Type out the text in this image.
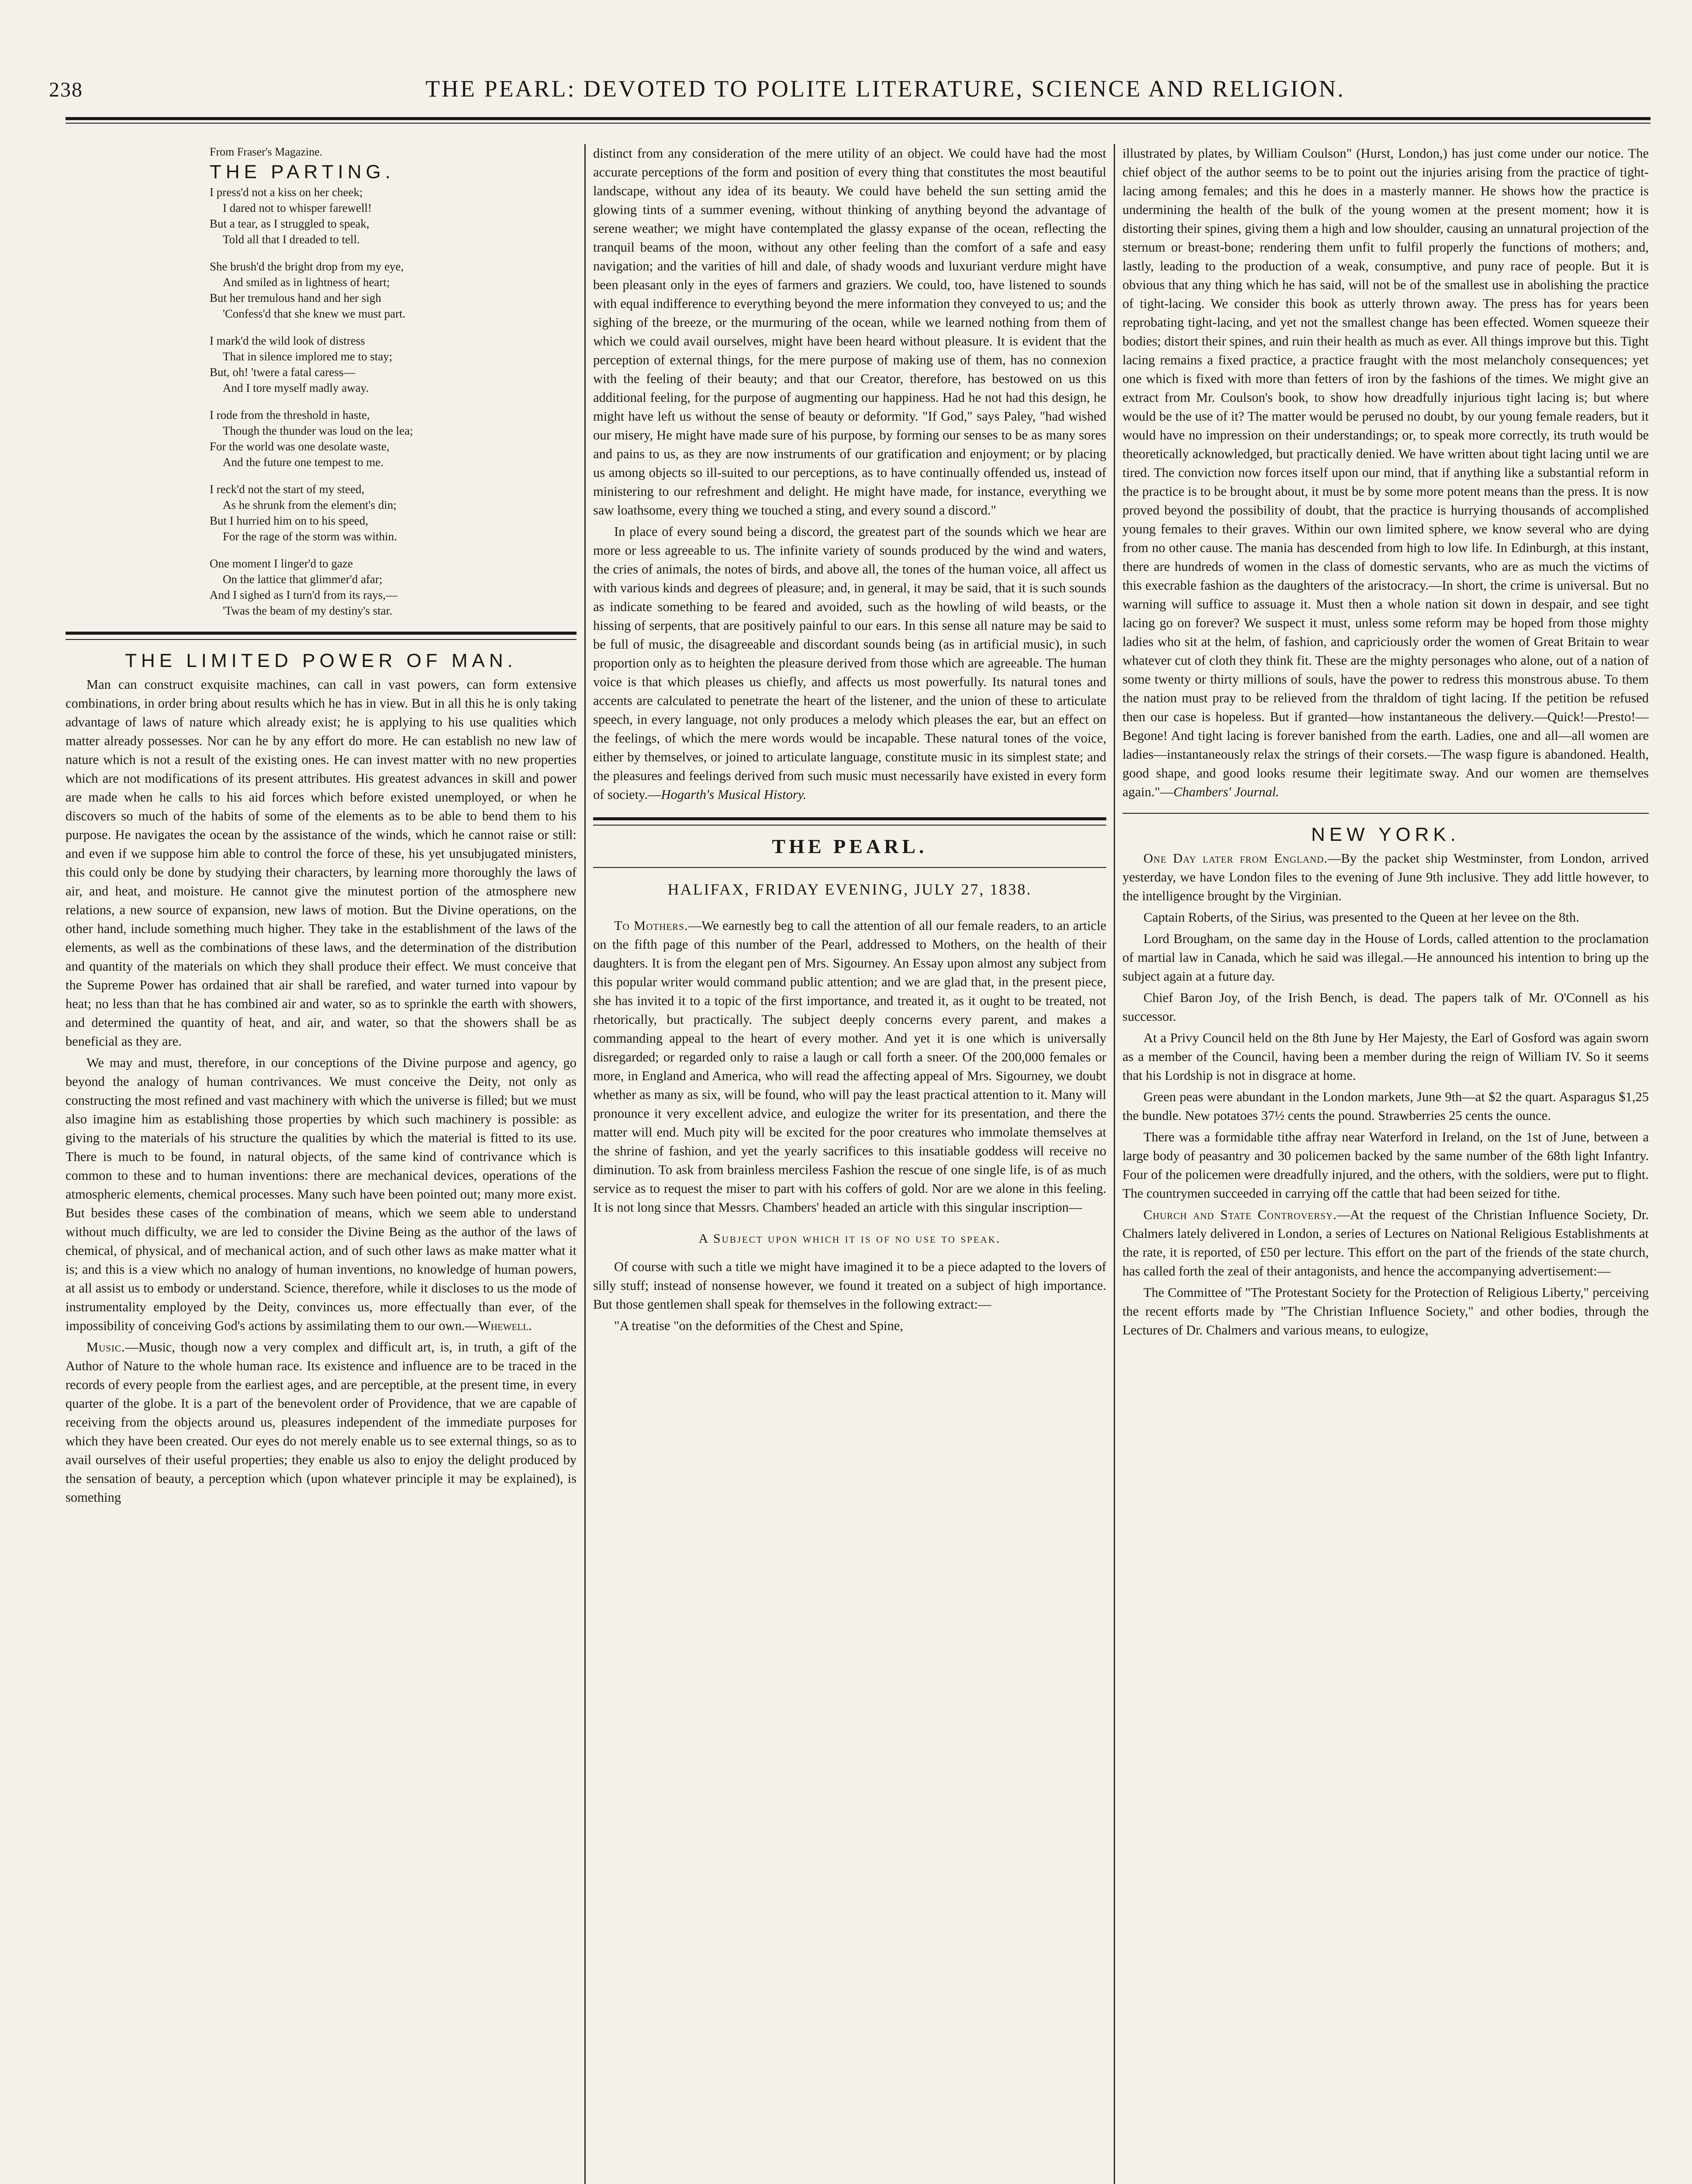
238	THE PEARL: DEVOTED TO POLITE LITERATURE, SCIENCE AND RELIGION.
From Fraser's Magazine.
THE PARTING.
I press'd not a kiss on her cheek;
I dared not to whisper farewell!
But a tear, as I struggled to speak,
Told all that I dreaded to tell.
She brush'd the bright drop from my eye,
And smiled as in lightness of heart;
But her tremulous hand and her sigh
'Confess'd that she knew we must part.
I mark'd the wild look of distress
That in silence implored me to stay;
But, oh! 'twere a fatal caress—
And I tore myself madly away.
I rode from the threshold in haste,
Though the thunder was loud on the lea;
For the world was one desolate waste,
And the future one tempest to me.
I reck'd not the start of my steed,
As he shrunk from the element's din;
But I hurried him on to his speed,
For the rage of the storm was within.
One moment I linger'd to gaze
On the lattice that glimmer'd afar;
And I sighed as I turn'd from its rays,—
'Twas the beam of my destiny's star.
THE LIMITED POWER OF MAN.

Man can construct exquisite machines, can call in vast powers, can form extensive combinations, in order bring about results which he has in view. But in all this he is only taking advantage of laws of nature which already exist; he is applying to his use qualities which matter already possesses. Nor can he by any effort do more. He can establish no new law of nature which is not a result of the existing ones. He can invest matter with no new properties which are not modifications of its present attributes. His greatest advances in skill and power are made when he calls to his aid forces which before existed unemployed, or when he discovers so much of the habits of some of the elements as to be able to bend them to his purpose. He navigates the ocean by the assistance of the winds, which he cannot raise or still: and even if we suppose him able to control the force of these, his yet unsubjugated ministers, this could only be done by studying their characters, by learning more thoroughly the laws of air, and heat, and moisture. He cannot give the minutest portion of the atmosphere new relations, a new source of expansion, new laws of motion. But the Divine operations, on the other hand, include something much higher. They take in the establishment of the laws of the elements, as well as the combinations of these laws, and the determination of the distribution and quantity of the materials on which they shall produce their effect. We must conceive that the Supreme Power has ordained that air shall be rarefied, and water turned into vapour by heat; no less than that he has combined air and water, so as to sprinkle the earth with showers, and determined the quantity of heat, and air, and water, so that the showers shall be as beneficial as they are.

We may and must, therefore, in our conceptions of the Divine purpose and agency, go beyond the analogy of human contrivances. We must conceive the Deity, not only as constructing the most refined and vast machinery with which the universe is filled; but we must also imagine him as establishing those properties by which such machinery is possible: as giving to the materials of his structure the qualities by which the material is fitted to its use. There is much to be found, in natural objects, of the same kind of contrivance which is common to these and to human inventions: there are mechanical devices, operations of the atmospheric elements, chemical processes. Many such have been pointed out; many more exist. But besides these cases of the combination of means, which we seem able to understand without much difficulty, we are led to consider the Divine Being as the author of the laws of chemical, of physical, and of mechanical action, and of such other laws as make matter what it is; and this is a view which no analogy of human inventions, no knowledge of human powers, at all assist us to embody or understand. Science, therefore, while it discloses to us the mode of instrumentality employed by the Deity, convinces us, more effectually than ever, of the impossibility of conceiving God's actions by assimilating them to our own.—Whewell.

Music.—Music, though now a very complex and difficult art, is, in truth, a gift of the Author of Nature to the whole human race. Its existence and influence are to be traced in the records of every people from the earliest ages, and are perceptible, at the present time, in every quarter of the globe. It is a part of the benevolent order of Providence, that we are capable of receiving from the objects around us, pleasures independent of the immediate purposes for which they have been created. Our eyes do not merely enable us to see external things, so as to avail ourselves of their useful properties; they enable us also to enjoy the delight produced by the sensation of beauty, a perception which (upon whatever principle it may be explained), is something

distinct from any consideration of the mere utility of an object. We could have had the most accurate perceptions of the form and position of every thing that constitutes the most beautiful landscape, without any idea of its beauty. We could have beheld the sun setting amid the glowing tints of a summer evening, without thinking of anything beyond the advantage of serene weather; we might have contemplated the glassy expanse of the ocean, reflecting the tranquil beams of the moon, without any other feeling than the comfort of a safe and easy navigation; and the varities of hill and dale, of shady woods and luxuriant verdure might have been pleasant only in the eyes of farmers and graziers. We could, too, have listened to sounds with equal indifference to everything beyond the mere information they conveyed to us; and the sighing of the breeze, or the murmuring of the ocean, while we learned nothing from them of which we could avail ourselves, might have been heard without pleasure. It is evident that the perception of external things, for the mere purpose of making use of them, has no connexion with the feeling of their beauty; and that our Creator, therefore, has bestowed on us this additional feeling, for the purpose of augmenting our happiness. Had he not had this design, he might have left us without the sense of beauty or deformity. "If God," says Paley, "had wished our misery, He might have made sure of his purpose, by forming our senses to be as many sores and pains to us, as they are now instruments of our gratification and enjoyment; or by placing us among objects so ill-suited to our perceptions, as to have continually offended us, instead of ministering to our refreshment and delight. He might have made, for instance, everything we saw loathsome, every thing we touched a sting, and every sound a discord."

In place of every sound being a discord, the greatest part of the sounds which we hear are more or less agreeable to us. The infinite variety of sounds produced by the wind and waters, the cries of animals, the notes of birds, and above all, the tones of the human voice, all affect us with various kinds and degrees of pleasure; and, in general, it may be said, that it is such sounds as indicate something to be feared and avoided, such as the howling of wild beasts, or the hissing of serpents, that are positively painful to our ears. In this sense all nature may be said to be full of music, the disagreeable and discordant sounds being (as in artificial music), in such proportion only as to heighten the pleasure derived from those which are agreeable. The human voice is that which pleases us chiefly, and affects us most powerfully. Its natural tones and accents are calculated to penetrate the heart of the listener, and the union of these to articulate speech, in every language, not only produces a melody which pleases the ear, but an effect on the feelings, of which the mere words would be incapable. These natural tones of the voice, either by themselves, or joined to articulate language, constitute music in its simplest state; and the pleasures and feelings derived from such music must necessarily have existed in every form of society.—Hogarth's Musical History.

THE PEARL.
HALIFAX, FRIDAY EVENING, JULY 27, 1838.

To Mothers.—We earnestly beg to call the attention of all our female readers, to an article on the fifth page of this number of the Pearl, addressed to Mothers, on the health of their daughters. It is from the elegant pen of Mrs. Sigourney. An Essay upon almost any subject from this popular writer would command public attention; and we are glad that, in the present piece, she has invited it to a topic of the first importance, and treated it, as it ought to be treated, not rhetorically, but practically. The subject deeply concerns every parent, and makes a commanding appeal to the heart of every mother. And yet it is one which is universally disregarded; or regarded only to raise a laugh or call forth a sneer. Of the 200,000 females or more, in England and America, who will read the affecting appeal of Mrs. Sigourney, we doubt whether as many as six, will be found, who will pay the least practical attention to it. Many will pronounce it very excellent advice, and eulogize the writer for its presentation, and there the matter will end. Much pity will be excited for the poor creatures who immolate themselves at the shrine of fashion, and yet the yearly sacrifices to this insatiable goddess will receive no diminution. To ask from brainless merciless Fashion the rescue of one single life, is of as much service as to request the miser to part with his coffers of gold. Nor are we alone in this feeling. It is not long since that Messrs. Chambers' headed an article with this singular inscription—

A Subject upon which it is of no use to speak.

Of course with such a title we might have imagined it to be a piece adapted to the lovers of silly stuff; instead of nonsense however, we found it treated on a subject of high importance. But those gentlemen shall speak for themselves in the following extract:—

"A treatise "on the deformities of the Chest and Spine,

illustrated by plates, by William Coulson" (Hurst, London,) has just come under our notice. The chief object of the author seems to be to point out the injuries arising from the practice of tight-lacing among females; and this he does in a masterly manner. He shows how the practice is undermining the health of the bulk of the young women at the present moment; how it is distorting their spines, giving them a high and low shoulder, causing an unnatural projection of the sternum or breast-bone; rendering them unfit to fulfil properly the functions of mothers; and, lastly, leading to the production of a weak, consumptive, and puny race of people. But it is obvious that any thing which he has said, will not be of the smallest use in abolishing the practice of tight-lacing. We consider this book as utterly thrown away. The press has for years been reprobating tight-lacing, and yet not the smallest change has been effected. Women squeeze their bodies; distort their spines, and ruin their health as much as ever. All things improve but this. Tight lacing remains a fixed practice, a practice fraught with the most melancholy consequences; yet one which is fixed with more than fetters of iron by the fashions of the times. We might give an extract from Mr. Coulson's book, to show how dreadfully injurious tight lacing is; but where would be the use of it? The matter would be perused no doubt, by our young female readers, but it would have no impression on their understandings; or, to speak more correctly, its truth would be theoretically acknowledged, but practically denied. We have written about tight lacing until we are tired. The conviction now forces itself upon our mind, that if anything like a substantial reform in the practice is to be brought about, it must be by some more potent means than the press. It is now proved beyond the possibility of doubt, that the practice is hurrying thousands of accomplished young females to their graves. Within our own limited sphere, we know several who are dying from no other cause. The mania has descended from high to low life. In Edinburgh, at this instant, there are hundreds of women in the class of domestic servants, who are as much the victims of this execrable fashion as the daughters of the aristocracy.—In short, the crime is universal. But no warning will suffice to assuage it. Must then a whole nation sit down in despair, and see tight lacing go on forever? We suspect it must, unless some reform may be hoped from those mighty ladies who sit at the helm, of fashion, and capriciously order the women of Great Britain to wear whatever cut of cloth they think fit. These are the mighty personages who alone, out of a nation of some twenty or thirty millions of souls, have the power to redress this monstrous abuse. To them the nation must pray to be relieved from the thraldom of tight lacing. If the petition be refused then our case is hopeless. But if granted—how instantaneous the delivery.—Quick!—Presto!—Begone! And tight lacing is forever banished from the earth. Ladies, one and all—all women are ladies—instantaneously relax the strings of their corsets.—The wasp figure is abandoned. Health, good shape, and good looks resume their legitimate sway. And our women are themselves again."—Chambers' Journal.

NEW YORK.

One Day later from England.—By the packet ship Westminster, from London, arrived yesterday, we have London files to the evening of June 9th inclusive. They add little however, to the intelligence brought by the Virginian.

Captain Roberts, of the Sirius, was presented to the Queen at her levee on the 8th.

Lord Brougham, on the same day in the House of Lords, called attention to the proclamation of martial law in Canada, which he said was illegal.—He announced his intention to bring up the subject again at a future day.

Chief Baron Joy, of the Irish Bench, is dead. The papers talk of Mr. O'Connell as his successor.

At a Privy Council held on the 8th June by Her Majesty, the Earl of Gosford was again sworn as a member of the Council, having been a member during the reign of William IV. So it seems that his Lordship is not in disgrace at home.

Green peas were abundant in the London markets, June 9th—at $2 the quart. Asparagus $1,25 the bundle. New potatoes 37½ cents the pound. Strawberries 25 cents the ounce.

There was a formidable tithe affray near Waterford in Ireland, on the 1st of June, between a large body of peasantry and 30 policemen backed by the same number of the 68th light Infantry. Four of the policemen were dreadfully injured, and the others, with the soldiers, were put to flight. The countrymen succeeded in carrying off the cattle that had been seized for tithe.

Church and State Controversy.—At the request of the Christian Influence Society, Dr. Chalmers lately delivered in London, a series of Lectures on National Religious Establishments at the rate, it is reported, of £50 per lecture. This effort on the part of the friends of the state church, has called forth the zeal of their antagonists, and hence the accompanying advertisement:—

The Committee of "The Protestant Society for the Protection of Religious Liberty," perceiving the recent efforts made by "The Christian Influence Society," and other bodies, through the Lectures of Dr. Chalmers and various means, to eulogize,
